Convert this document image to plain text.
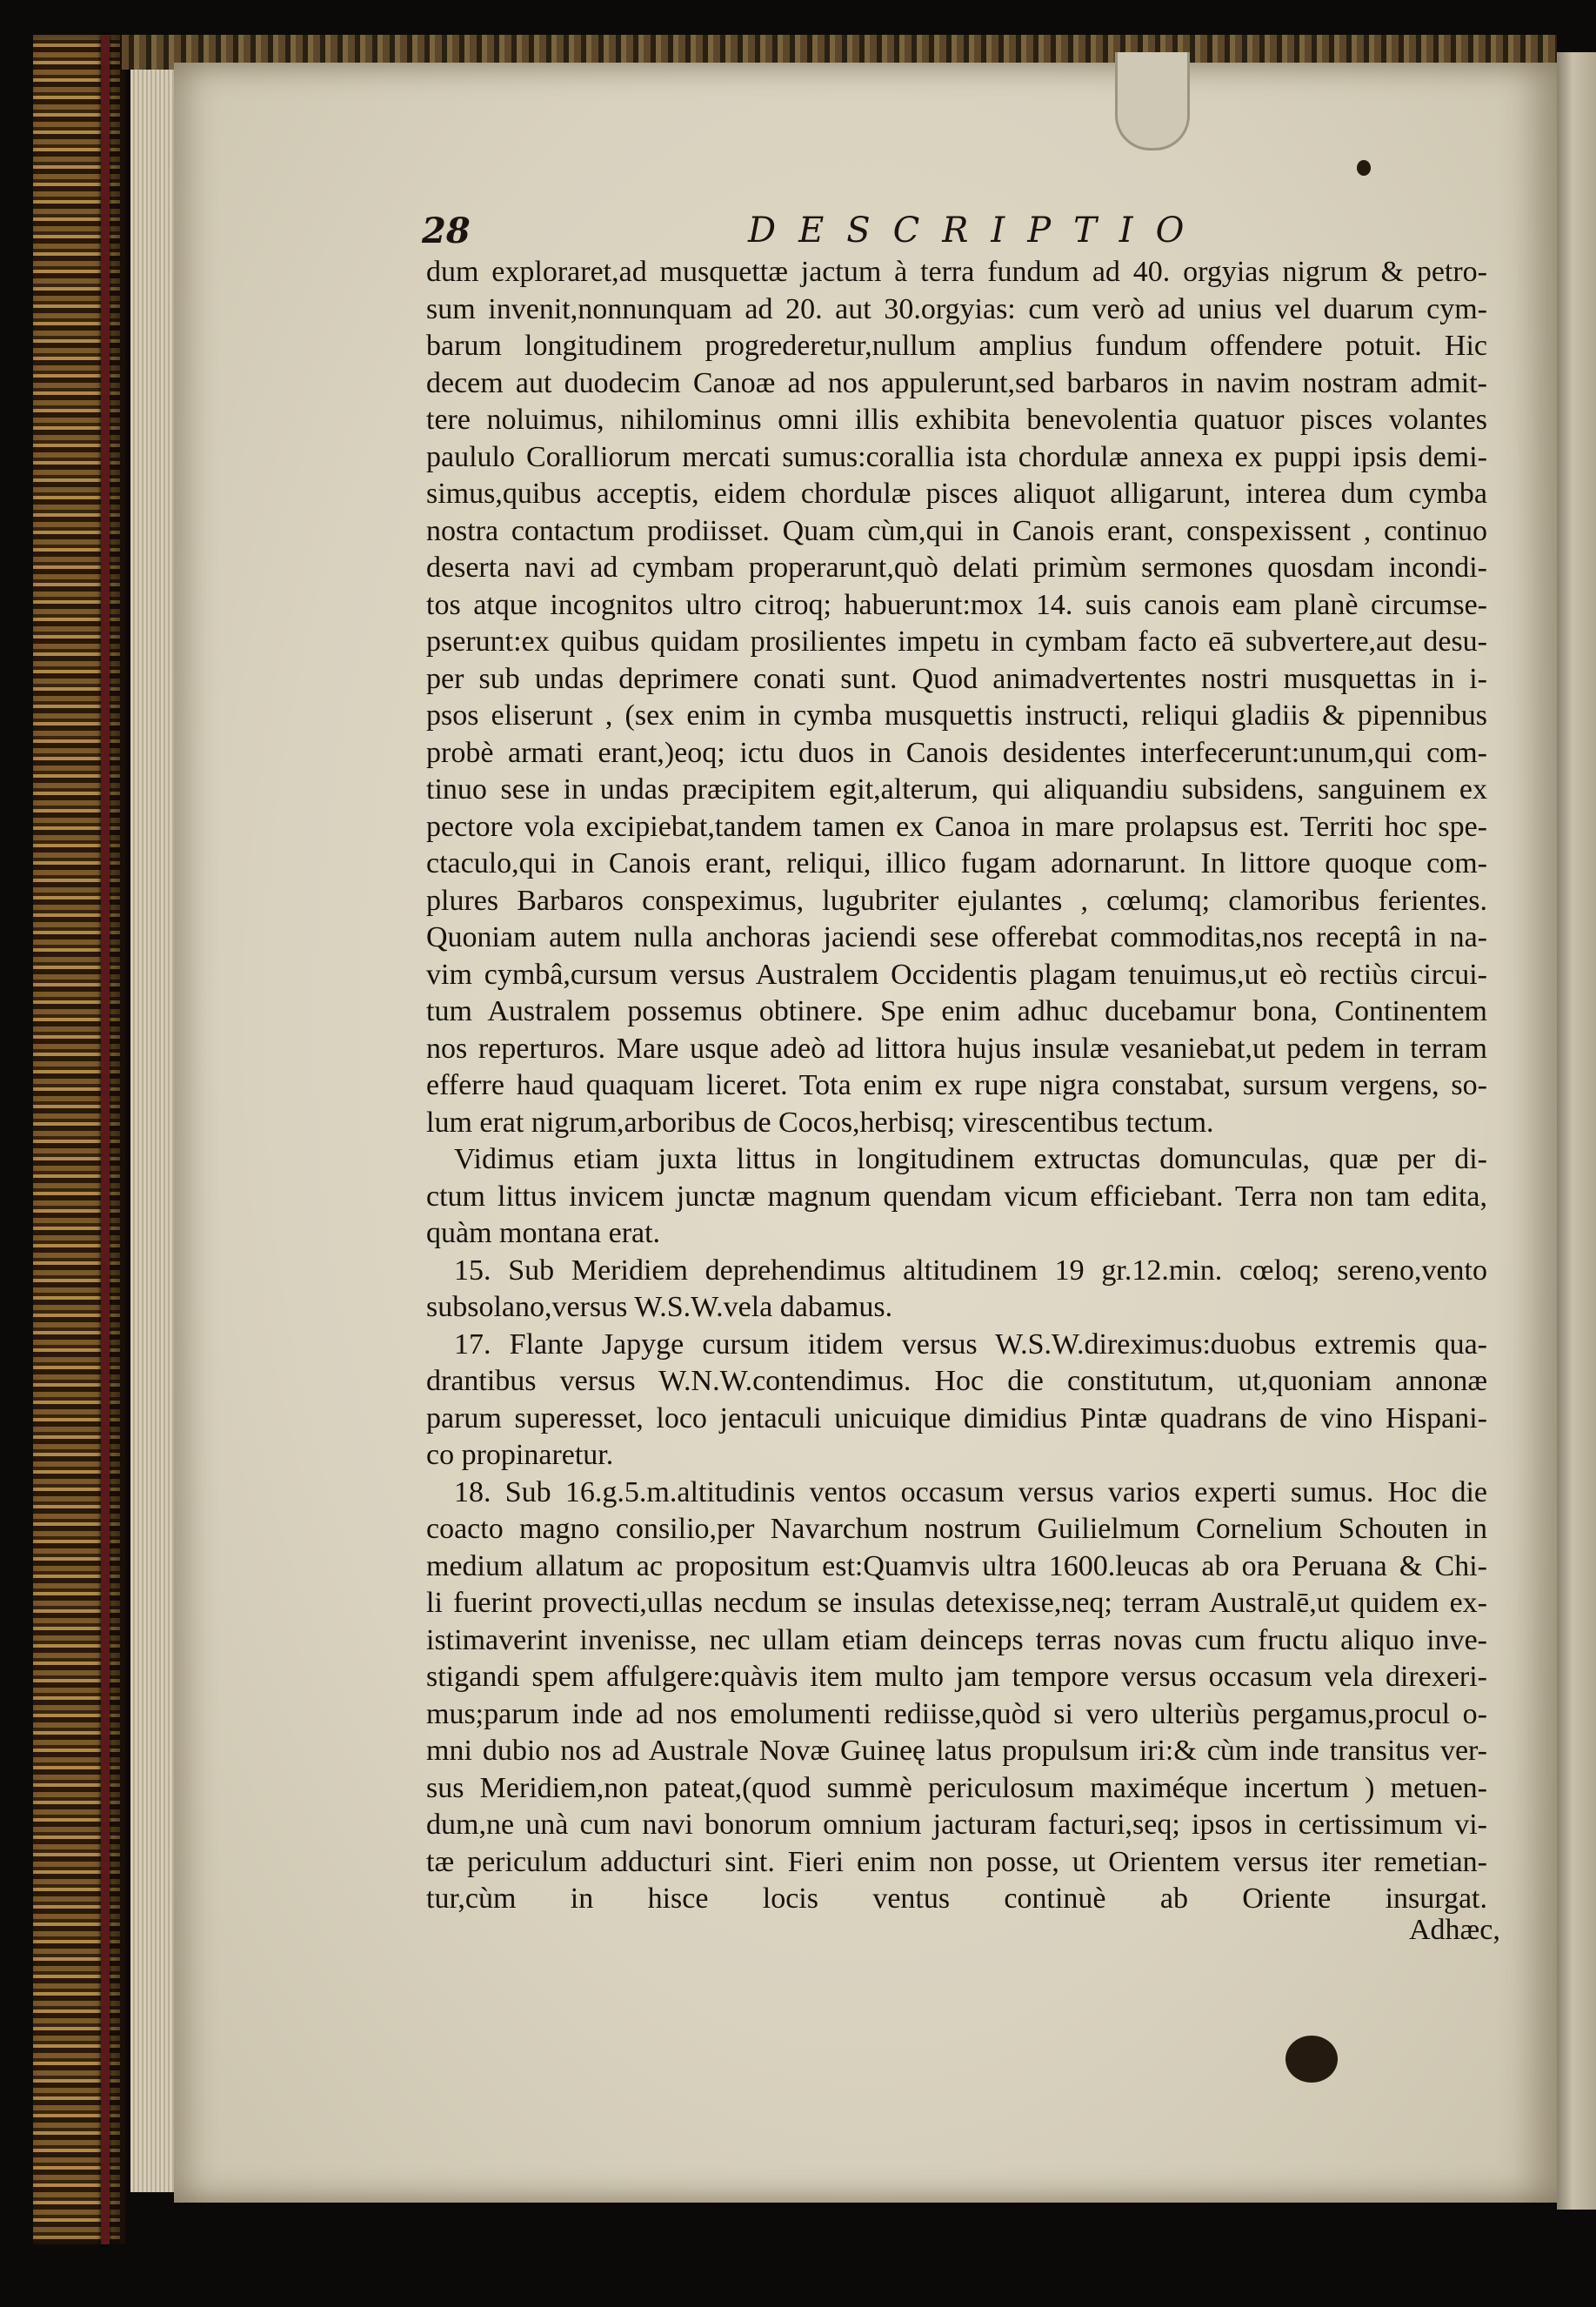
28	DESCRIPTIO
dum exploraret,ad musquettæ jactum à terra fundum ad 40. orgyias nigrum & petro-
sum invenit,nonnunquam ad 20. aut 30.orgyias: cum verò ad unius vel duarum cym-
barum longitudinem progrederetur,nullum amplius fundum offendere potuit. Hic
decem aut duodecim Canoæ ad nos appulerunt,sed barbaros in navim nostram admit-
tere noluimus, nihilominus omni illis exhibita benevolentia quatuor pisces volantes
paululo Coralliorum mercati sumus:corallia ista chordulæ annexa ex puppi ipsis demi-
simus,quibus acceptis, eidem chordulæ pisces aliquot alligarunt, interea dum cymba
nostra contactum prodiisset. Quam cùm,qui in Canois erant, conspexissent , continuo
deserta navi ad cymbam properarunt,quò delati primùm sermones quosdam incondi-
tos atque incognitos ultro citroq; habuerunt:mox 14. suis canois eam planè circumse-
pserunt:ex quibus quidam prosilientes impetu in cymbam facto eā subvertere,aut desu-
per sub undas deprimere conati sunt. Quod animadvertentes nostri musquettas in i-
psos eliserunt , (sex enim in cymba musquettis instructi, reliqui gladiis & pipennibus
probè armati erant,)eoq; ictu duos in Canois desidentes interfecerunt:unum,qui com-
tinuo sese in undas præcipitem egit,alterum, qui aliquandiu subsidens, sanguinem ex
pectore vola excipiebat,tandem tamen ex Canoa in mare prolapsus est. Territi hoc spe-
ctaculo,qui in Canois erant, reliqui, illico fugam adornarunt. In littore quoque com-
plures Barbaros conspeximus, lugubriter ejulantes , cœlumq; clamoribus ferientes.
Quoniam autem nulla anchoras jaciendi sese offerebat commoditas,nos receptâ in na-
vim cymbâ,cursum versus Australem Occidentis plagam tenuimus,ut eò rectiùs circui-
tum Australem possemus obtinere. Spe enim adhuc ducebamur bona, Continentem
nos reperturos. Mare usque adeò ad littora hujus insulæ vesaniebat,ut pedem in terram
efferre haud quaquam liceret. Tota enim ex rupe nigra constabat, sursum vergens, so-
lum erat nigrum,arboribus de Cocos,herbisq; virescentibus tectum.
Vidimus etiam juxta littus in longitudinem extructas domunculas, quæ per di-
ctum littus invicem junctæ magnum quendam vicum efficiebant. Terra non tam edita,
quàm montana erat.
15. Sub Meridiem deprehendimus altitudinem 19 gr.12.min. cœloq; sereno,vento
subsolano,versus W.S.W.vela dabamus.
17. Flante Japyge cursum itidem versus W.S.W.direximus:duobus extremis qua-
drantibus versus W.N.W.contendimus. Hoc die constitutum, ut,quoniam annonæ
parum superesset, loco jentaculi unicuique dimidius Pintæ quadrans de vino Hispani-
co propinaretur.
18. Sub 16.g.5.m.altitudinis ventos occasum versus varios experti sumus. Hoc die
coacto magno consilio,per Navarchum nostrum Guilielmum Cornelium Schouten in
medium allatum ac propositum est:Quamvis ultra 1600.leucas ab ora Peruana & Chi-
li fuerint provecti,ullas necdum se insulas detexisse,neq; terram Australē,ut quidem ex-
istimaverint invenisse, nec ullam etiam deinceps terras novas cum fructu aliquo inve-
stigandi spem affulgere:quàvis item multo jam tempore versus occasum vela direxeri-
mus;parum inde ad nos emolumenti rediisse,quòd si vero ulteriùs pergamus,procul o-
mni dubio nos ad Australe Novæ Guineę latus propulsum iri:& cùm inde transitus ver-
sus Meridiem,non pateat,(quod summè periculosum maximéque incertum ) metuen-
dum,ne unà cum navi bonorum omnium jacturam facturi,seq; ipsos in certissimum vi-
tæ periculum adducturi sint. Fieri enim non posse, ut Orientem versus iter remetian-
tur,cùm in hisce locis ventus continuè ab Oriente insurgat.
Adhæc,
